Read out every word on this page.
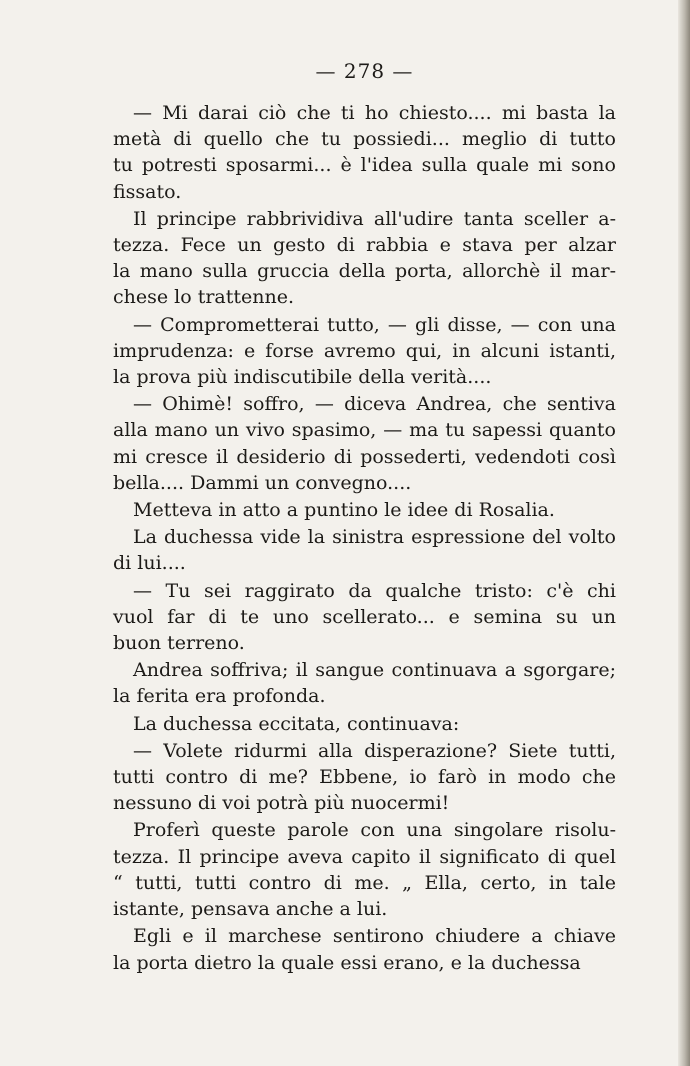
— 278 —
— Mi darai ciò che ti ho chiesto.... mi basta la
metà di quello che tu possiedi... meglio di tutto
tu potresti sposarmi... è l'idea sulla quale mi sono
fissato.
Il principe rabbrividiva all'udire tanta sceller a-
tezza. Fece un gesto di rabbia e stava per alzar
la mano sulla gruccia della porta, allorchè il mar-
chese lo trattenne.
— Comprometterai tutto, — gli disse, — con una
imprudenza: e forse avremo qui, in alcuni istanti,
la prova più indiscutibile della verità....
— Ohimè! soffro, — diceva Andrea, che sentiva
alla mano un vivo spasimo, — ma tu sapessi quanto
mi cresce il desiderio di possederti, vedendoti così
bella.... Dammi un convegno....
Metteva in atto a puntino le idee di Rosalia.
La duchessa vide la sinistra espressione del volto
di lui....
— Tu sei raggirato da qualche tristo: c'è chi
vuol far di te uno scellerato... e semina su un
buon terreno.
Andrea soffriva; il sangue continuava a sgorgare;
la ferita era profonda.
La duchessa eccitata, continuava:
— Volete ridurmi alla disperazione? Siete tutti,
tutti contro di me? Ebbene, io farò in modo che
nessuno di voi potrà più nuocermi!
Proferì queste parole con una singolare risolu-
tezza. Il principe aveva capito il significato di quel
“ tutti, tutti contro di me. „ Ella, certo, in tale
istante, pensava anche a lui.
Egli e il marchese sentirono chiudere a chiave
la porta dietro la quale essi erano, e la duchessa
